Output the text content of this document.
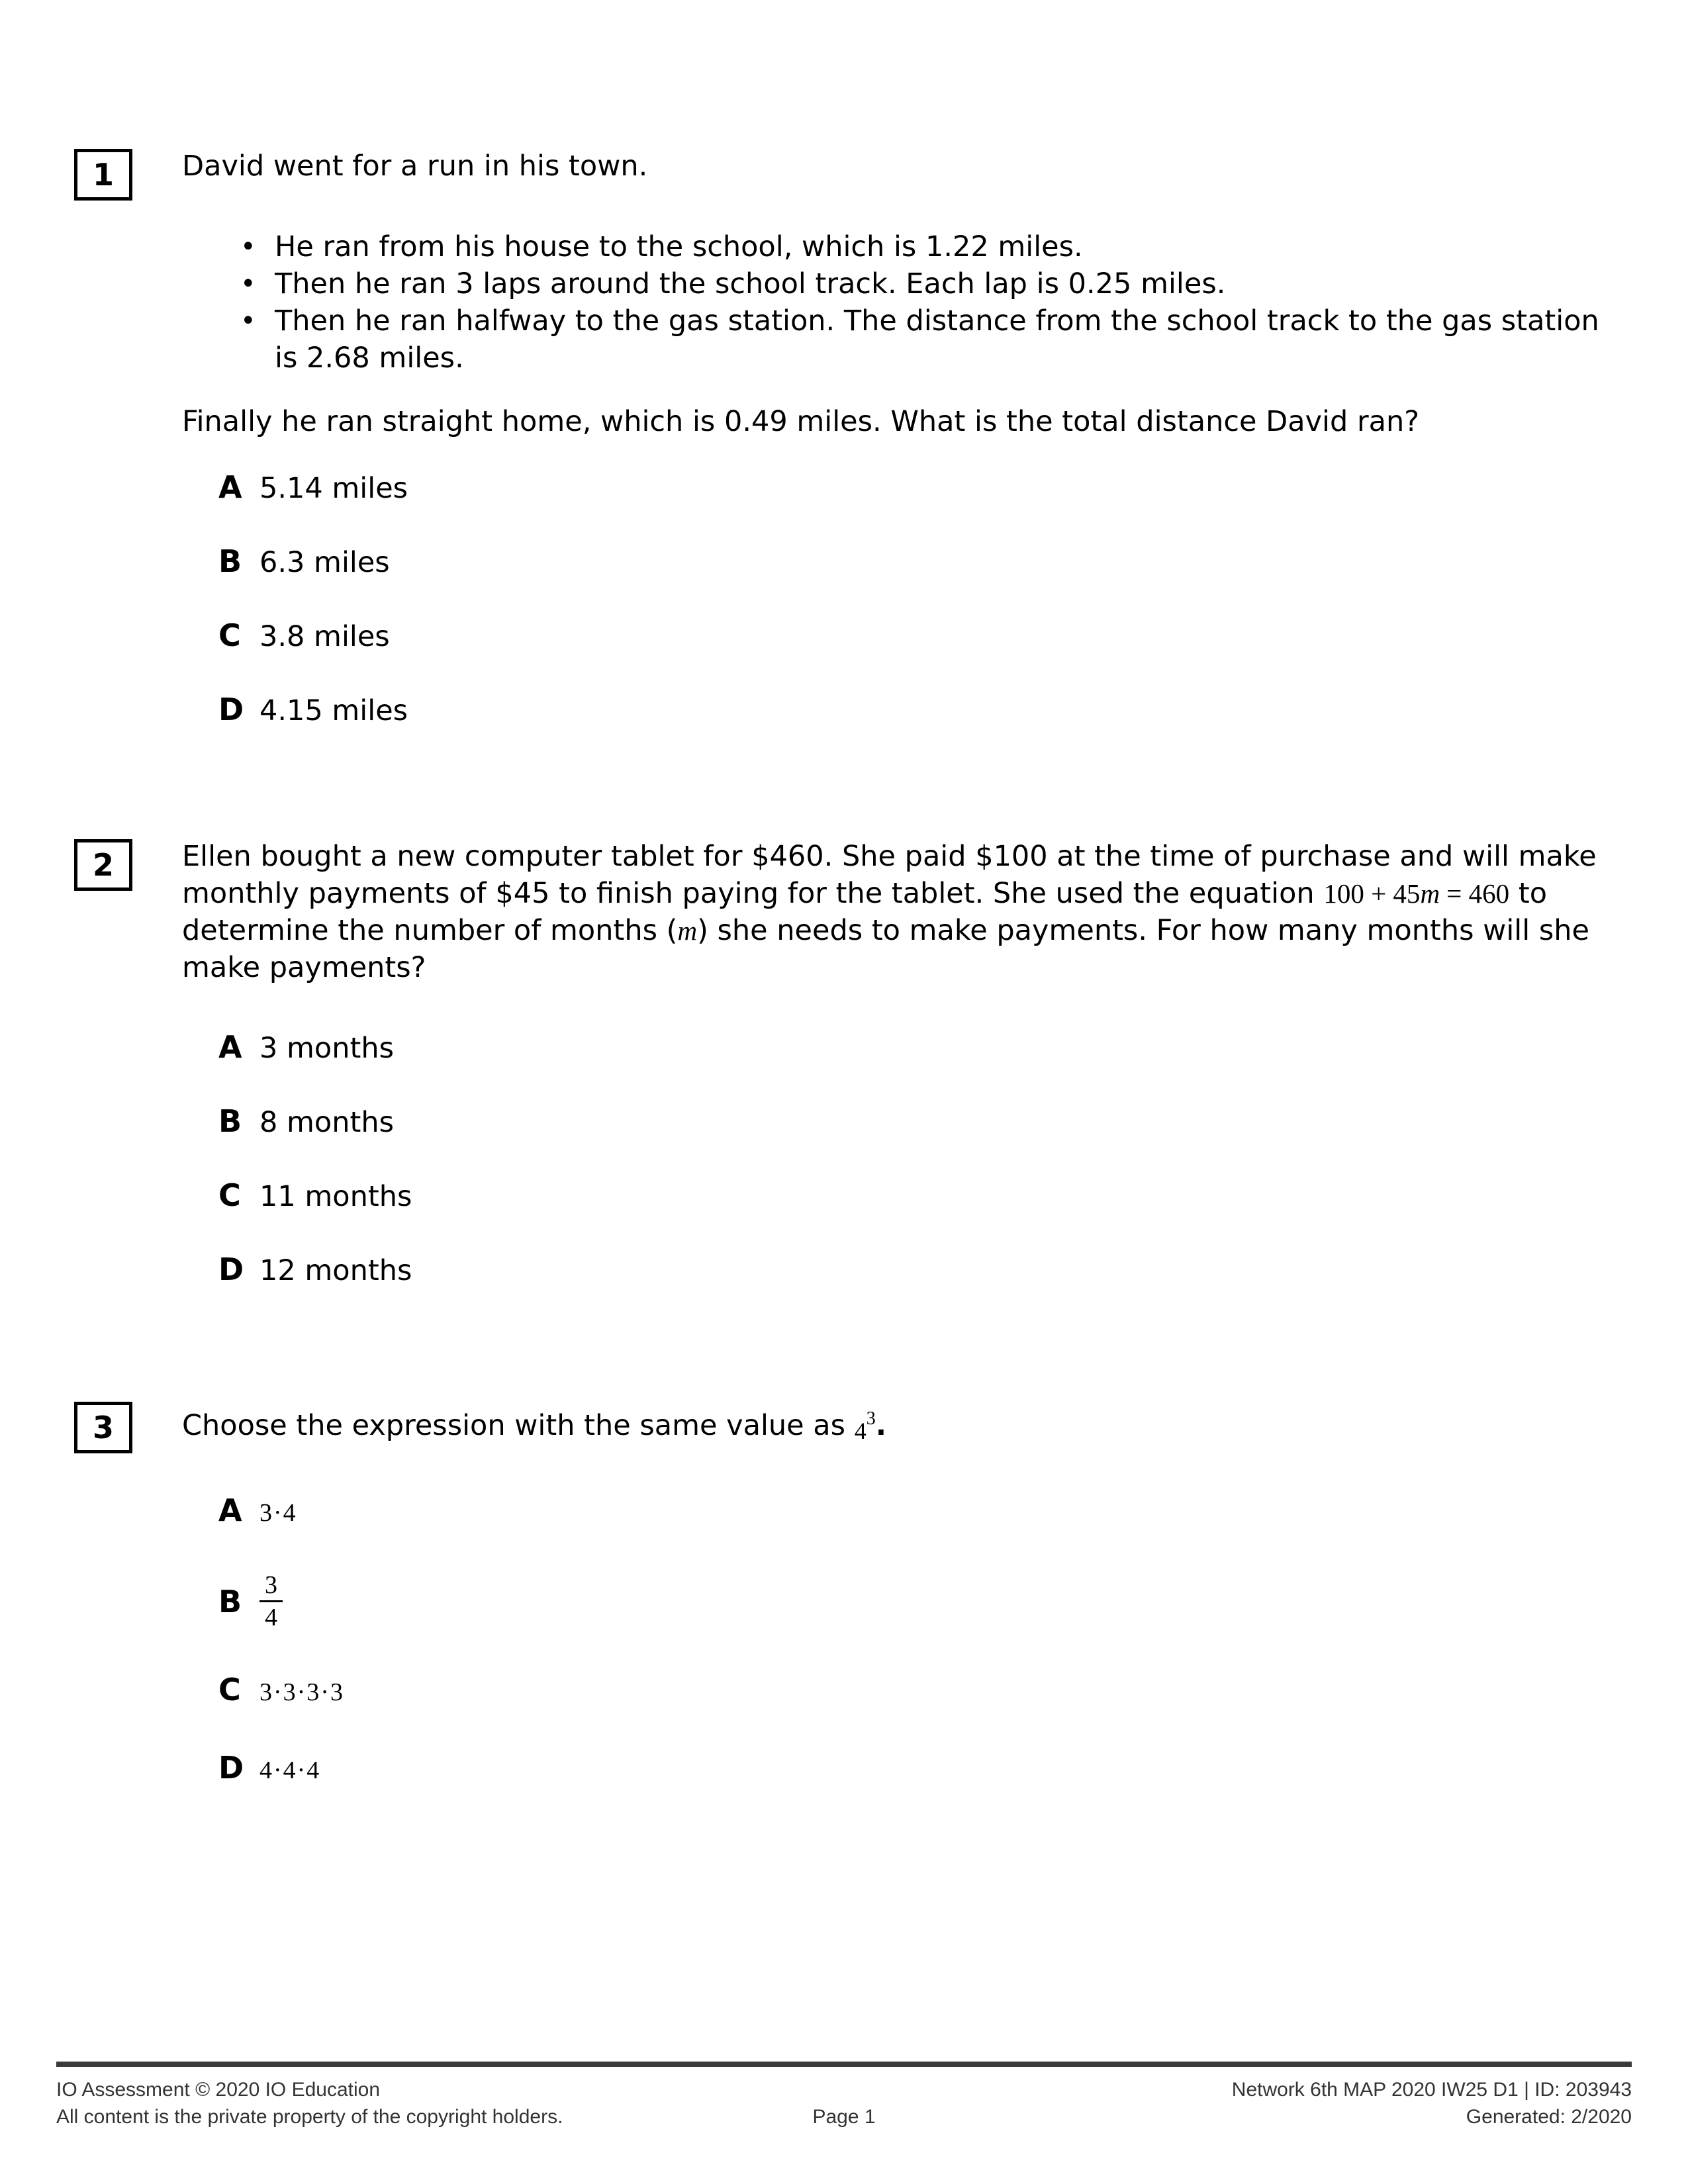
1 David went for a run in his town.

• He ran from his house to the school, which is 1.22 miles.
• Then he ran 3 laps around the school track. Each lap is 0.25 miles.
• Then he ran halfway to the gas station. The distance from the school track to the gas station is 2.68 miles.

Finally he ran straight home, which is 0.49 miles. What is the total distance David ran?

A 5.14 miles
B 6.3 miles
C 3.8 miles
D 4.15 miles
2 Ellen bought a new computer tablet for $460. She paid $100 at the time of purchase and will make monthly payments of $45 to finish paying for the tablet. She used the equation 100 + 45m = 460 to determine the number of months (m) she needs to make payments. For how many months will she make payments?

A 3 months
B 8 months
C 11 months
D 12 months
3 Choose the expression with the same value as $4^3$.

A 3·4
B $\frac{3}{4}$
C 3·3·3·3
D 4·4·4
IO Assessment © 2020 IO Education
All content is the private property of the copyright holders.	Page 1
Network 6th MAP 2020 IW25 D1 | ID: 203943
Generated: 2/2020
